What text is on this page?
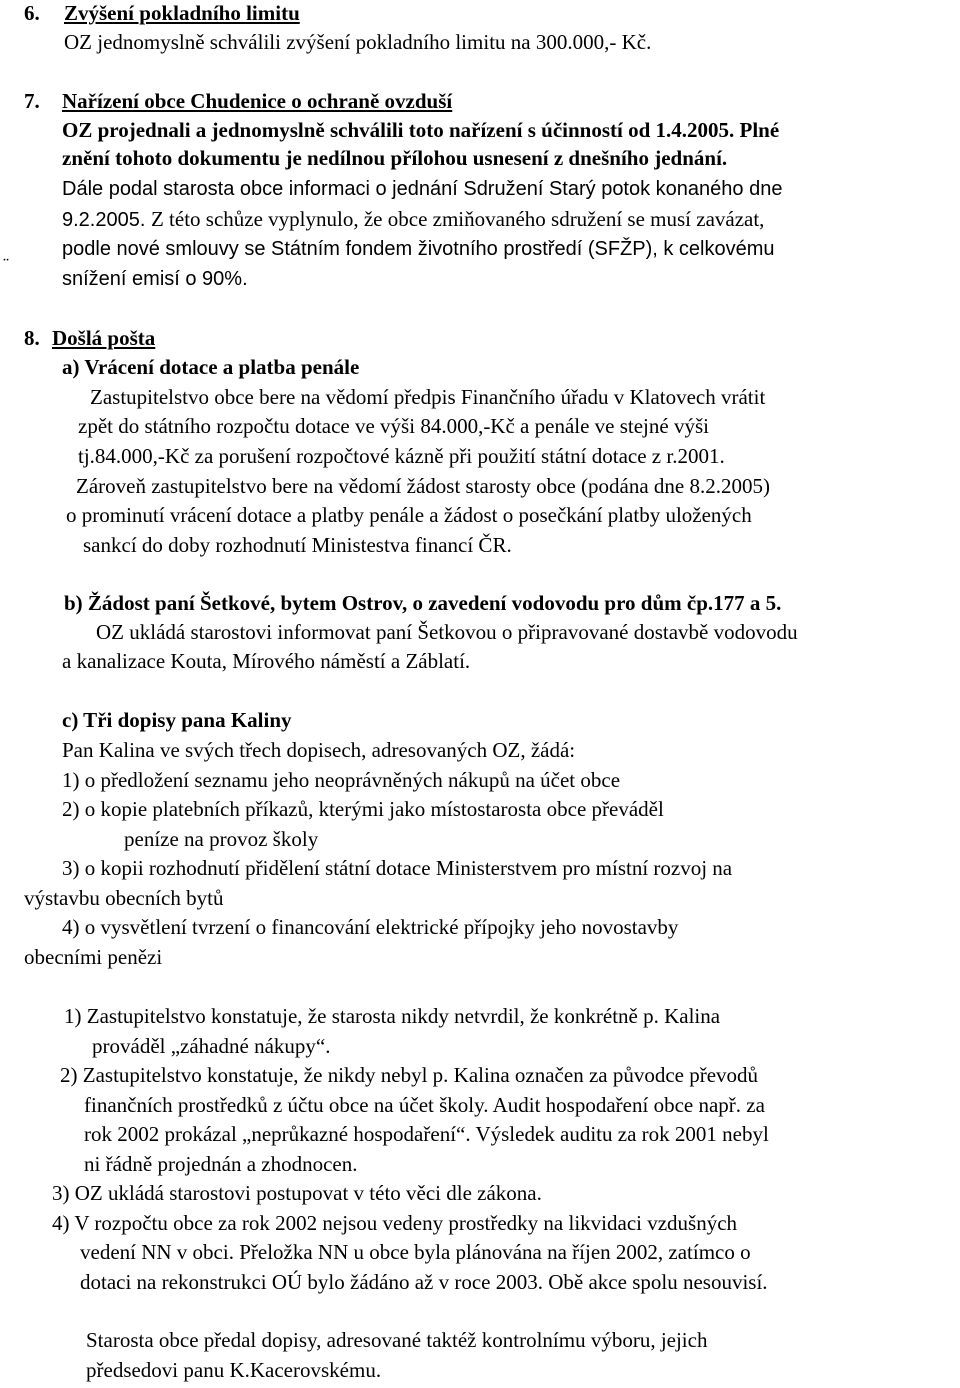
6. Zvýšení pokladního limitu
OZ jednomyslně schválili zvýšení pokladního limitu na 300.000,- Kč.
7. Nařízení obce Chudenice o ochraně ovzduší
OZ projednali a jednomyslně schválili toto nařízení s účinností od 1.4.2005. Plné
znění tohoto dokumentu je nedílnou přílohou usnesení z dnešního jednání.
Dále podal starosta obce informaci o jednání Sdružení Starý potok konaného dne
9.2.2005. Z této schůze vyplynulo, že obce zmiňovaného sdružení se musí zavázat,
podle nové smlouvy se Státním fondem životního prostředí (SFŽP), k celkovému
snížení emisí o 90%.
¨
8. Došlá pošta
a) Vrácení dotace a platba penále
Zastupitelstvo obce bere na vědomí předpis Finančního úřadu v Klatovech vrátit
zpět do státního rozpočtu dotace ve výši 84.000,-Kč a penále ve stejné výši
tj.84.000,-Kč za porušení rozpočtové kázně při použití státní dotace z r.2001.
Zároveň zastupitelstvo bere na vědomí žádost starosty obce (podána dne 8.2.2005)
o prominutí vrácení dotace a platby penále a žádost o posečkání platby uložených
sankcí do doby rozhodnutí Ministestva financí ČR.
b) Žádost paní Šetkové, bytem Ostrov, o zavedení vodovodu pro dům čp.177 a 5.
OZ ukládá starostovi informovat paní Šetkovou o připravované dostavbě vodovodu
a kanalizace Kouta, Mírového náměstí a Záblatí.
c) Tři dopisy pana Kaliny
Pan Kalina ve svých třech dopisech, adresovaných OZ, žádá:
1) o předložení seznamu jeho neoprávněných nákupů na účet obce
2) o kopie platebních příkazů, kterými jako místostarosta obce převáděl
peníze na provoz školy
3) o kopii rozhodnutí přidělení státní dotace Ministerstvem pro místní rozvoj na
výstavbu obecních bytů
4) o vysvětlení tvrzení o financování elektrické přípojky jeho novostavby
obecními penězi
1) Zastupitelstvo konstatuje, že starosta nikdy netvrdil, že konkrétně p. Kalina
prováděl „záhadné nákupy“.
2) Zastupitelstvo konstatuje, že nikdy nebyl p. Kalina označen za původce převodů
finančních prostředků z účtu obce na účet školy. Audit hospodaření obce např. za
rok 2002 prokázal „neprůkazné hospodaření“. Výsledek auditu za rok 2001 nebyl
ni řádně projednán a zhodnocen.
3) OZ ukládá starostovi postupovat v této věci dle zákona.
4) V rozpočtu obce za rok 2002 nejsou vedeny prostředky na likvidaci vzdušných
vedení NN v obci. Přeložka NN u obce byla plánována na říjen 2002, zatímco o
dotaci na rekonstrukci OÚ bylo žádáno až v roce 2003. Obě akce spolu nesouvisí.
Starosta obce předal dopisy, adresované taktéž kontrolnímu výboru, jejich
předsedovi panu K.Kacerovskému.
